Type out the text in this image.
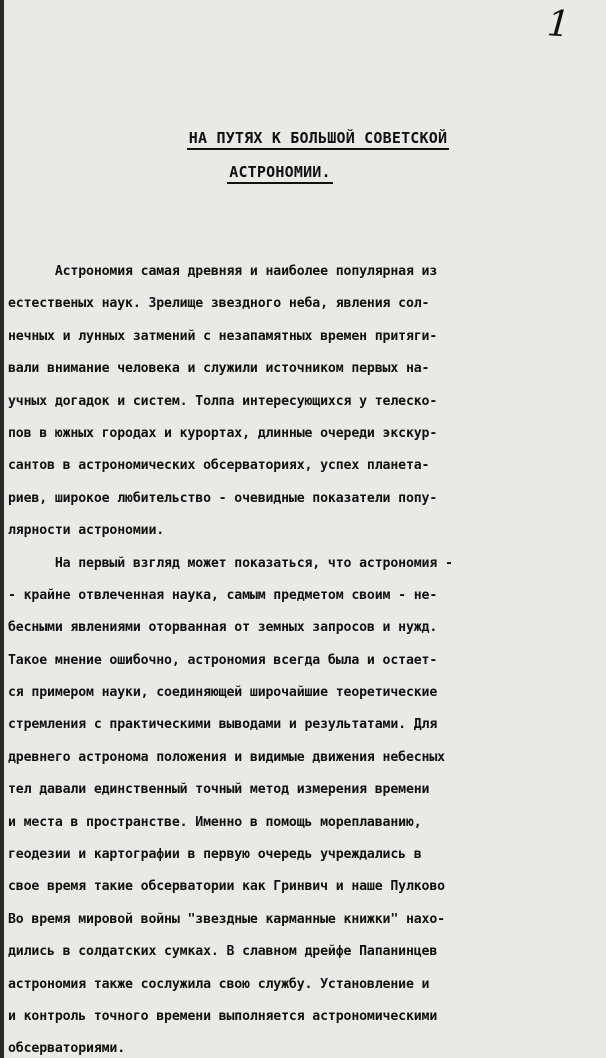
1
НА ПУТЯХ К БОЛЬШОЙ СОВЕТСКОЙ
АСТРОНОМИИ.
Астрономия самая древняя и наиболее популярная из
естественых наук. Зрелище звездного неба, явления сол-
нечных и лунных затмений с незапамятных времен притяги-
вали внимание человека и служили источником первых на-
учных догадок и систем. Толпа интересующихся у телеско-
пов в южных городах и курортах, длинные очереди экскур-
сантов в астрономических обсерваториях, успех планета-
риев, широкое любительство - очевидные показатели попу-
лярности астрономии.
На первый взгляд может показаться, что астрономия -
- крайне отвлеченная наука, самым предметом своим - не-
бесными явлениями оторванная от земных запросов и нужд.
Такое мнение ошибочно, астрономия всегда была и остает-
ся примером науки, соединяющей широчайшие теоретические
стремления с практическими выводами и результатами. Для
древнего астронома положения и видимые движения небесных
тел давали единственный точный метод измерения времени
и места в пространстве. Именно в помощь мореплаванию,
геодезии и картографии в первую очередь учреждались в
свое время такие обсерватории как Гринвич и наше Пулково
Во время мировой войны "звездные карманные книжки" нахо-
дились в солдатских сумках. В славном дрейфе Папанинцев
астрономия также сослужила свою службу. Установление и
и контроль точного времени выполняется астрономическими
обсерваториями.
